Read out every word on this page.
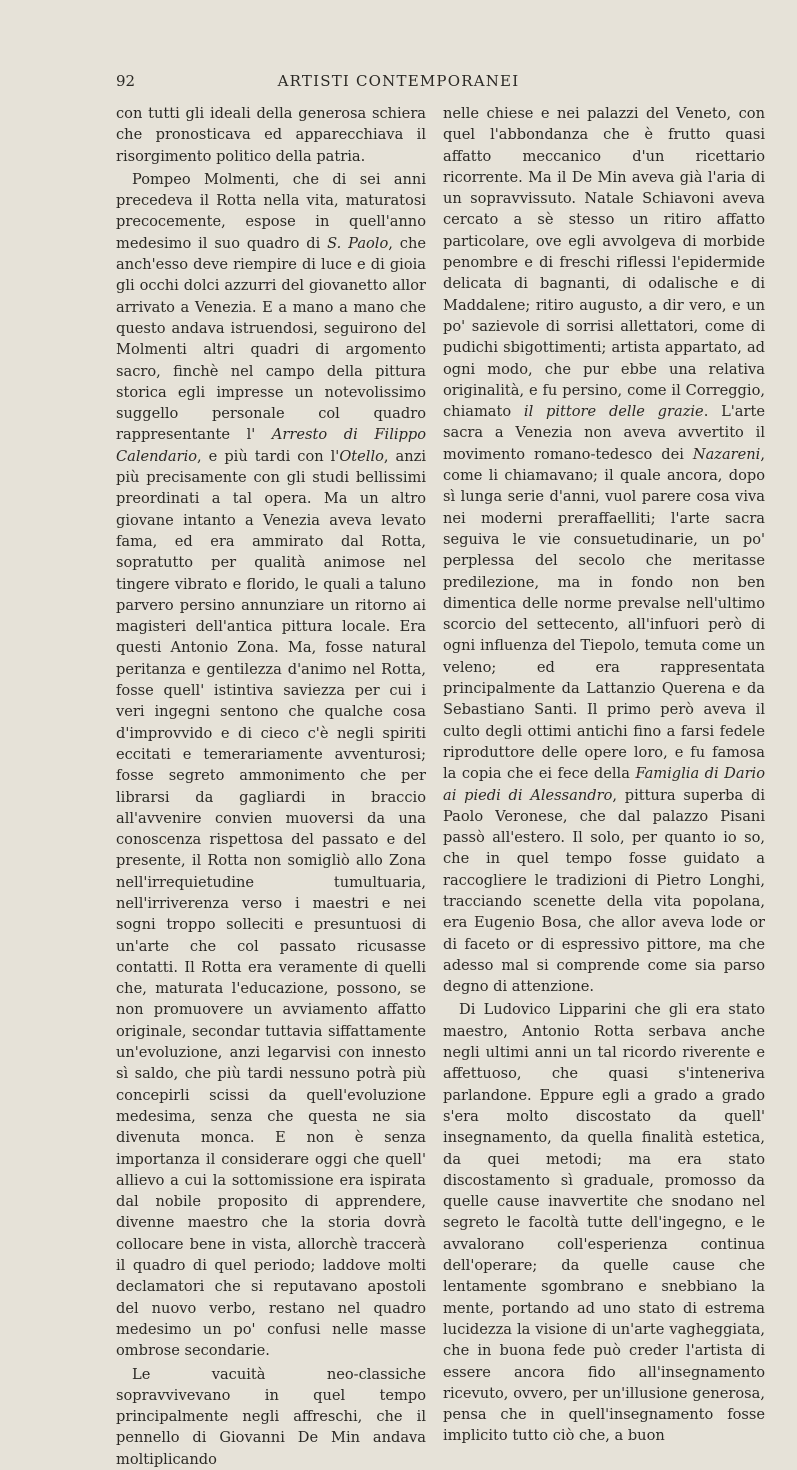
92	ARTISTI CONTEMPORANEI

con tutti gli ideali della generosa schiera che pronosticava ed apparecchiava il risorgimento politico della patria.

Pompeo Molmenti, che di sei anni precedeva il Rotta nella vita, maturatosi precocemente, espose in quell'anno medesimo il suo quadro di S. Paolo, che anch'esso deve riempire di luce e di gioia gli occhi dolci azzurri del giovanetto allor arrivato a Venezia. E a mano a mano che questo andava istruendosi, seguirono del Molmenti altri quadri di argomento sacro, finchè nel campo della pittura storica egli impresse un notevolissimo suggello personale col quadro rappresentante l' Arresto di Filippo Calendario, e più tardi con l'Otello, anzi più precisamente con gli studi bellissimi preordinati a tal opera. Ma un altro giovane intanto a Venezia aveva levato fama, ed era ammirato dal Rotta, sopratutto per qualità animose nel tingere vibrato e florido, le quali a taluno parvero persino annunziare un ritorno ai magisteri dell'antica pittura locale. Era questi Antonio Zona. Ma, fosse natural peritanza e gentilezza d'animo nel Rotta, fosse quell' istintiva saviezza per cui i veri ingegni sentono che qualche cosa d'improvvido e di cieco c'è negli spiriti eccitati e temerariamente avventurosi; fosse segreto ammonimento che per librarsi da gagliardi in braccio all'avvenire convien muoversi da una conoscenza rispettosa del passato e del presente, il Rotta non somigliò allo Zona nell'irrequietudine tumultuaria, nell'irriverenza verso i maestri e nei sogni troppo solleciti e presuntuosi di un'arte che col passato ricusasse contatti. Il Rotta era veramente di quelli che, maturata l'educazione, possono, se non promuovere un avviamento affatto originale, secondar tuttavia siffattamente un'evoluzione, anzi legarvisi con innesto sì saldo, che più tardi nessuno potrà più concepirli scissi da quell'evoluzione medesima, senza che questa ne sia divenuta monca. E non è senza importanza il considerare oggi che quell' allievo a cui la sottomissione era ispirata dal nobile proposito di apprendere, divenne maestro che la storia dovrà collocare bene in vista, allorchè traccerà il quadro di quel periodo; laddove molti declamatori che si reputavano apostoli del nuovo verbo, restano nel quadro medesimo un po' confusi nelle masse ombrose secondarie.

Le vacuità neo-classiche sopravvivevano in quel tempo principalmente negli affreschi, che il pennello di Giovanni De Min andava moltiplicando

nelle chiese e nei palazzi del Veneto, con quel l'abbondanza che è frutto quasi affatto meccanico d'un ricettario ricorrente. Ma il De Min aveva già l'aria di un sopravvissuto. Natale Schiavoni aveva cercato a sè stesso un ritiro affatto particolare, ove egli avvolgeva di morbide penombre e di freschi riflessi l'epidermide delicata di bagnanti, di odalische e di Maddalene; ritiro augusto, a dir vero, e un po' sazievole di sorrisi allettatori, come di pudichi sbigottimenti; artista appartato, ad ogni modo, che pur ebbe una relativa originalità, e fu persino, come il Correggio, chiamato il pittore delle grazie. L'arte sacra a Venezia non aveva avvertito il movimento romano-tedesco dei Nazareni, come li chiamavano; il quale ancora, dopo sì lunga serie d'anni, vuol parere cosa viva nei moderni preraffaelliti; l'arte sacra seguiva le vie consuetudinarie, un po' perplessa del secolo che meritasse predilezione, ma in fondo non ben dimentica delle norme prevalse nell'ultimo scorcio del settecento, all'infuori però di ogni influenza del Tiepolo, temuta come un veleno; ed era rappresentata principalmente da Lattanzio Querena e da Sebastiano Santi. Il primo però aveva il culto degli ottimi antichi fino a farsi fedele riproduttore delle opere loro, e fu famosa la copia che ei fece della Famiglia di Dario ai piedi di Alessandro, pittura superba di Paolo Veronese, che dal palazzo Pisani passò all'estero. Il solo, per quanto io so, che in quel tempo fosse guidato a raccogliere le tradizioni di Pietro Longhi, tracciando scenette della vita popolana, era Eugenio Bosa, che allor aveva lode or di faceto or di espressivo pittore, ma che adesso mal si comprende come sia parso degno di attenzione.

Di Ludovico Lipparini che gli era stato maestro, Antonio Rotta serbava anche negli ultimi anni un tal ricordo riverente e affettuoso, che quasi s'inteneriva parlandone. Eppure egli a grado a grado s'era molto discostato da quell' insegnamento, da quella finalità estetica, da quei metodi; ma era stato discostamento sì graduale, promosso da quelle cause inavvertite che snodano nel segreto le facoltà tutte dell'ingegno, e le avvalorano coll'esperienza continua dell'operare; da quelle cause che lentamente sgombrano e snebbiano la mente, portando ad uno stato di estrema lucidezza la visione di un'arte vagheggiata, che in buona fede può creder l'artista di essere ancora fido all'insegnamento ricevuto, ovvero, per un'illusione generosa, pensa che in quell'insegnamento fosse implicito tutto ciò che, a buon
